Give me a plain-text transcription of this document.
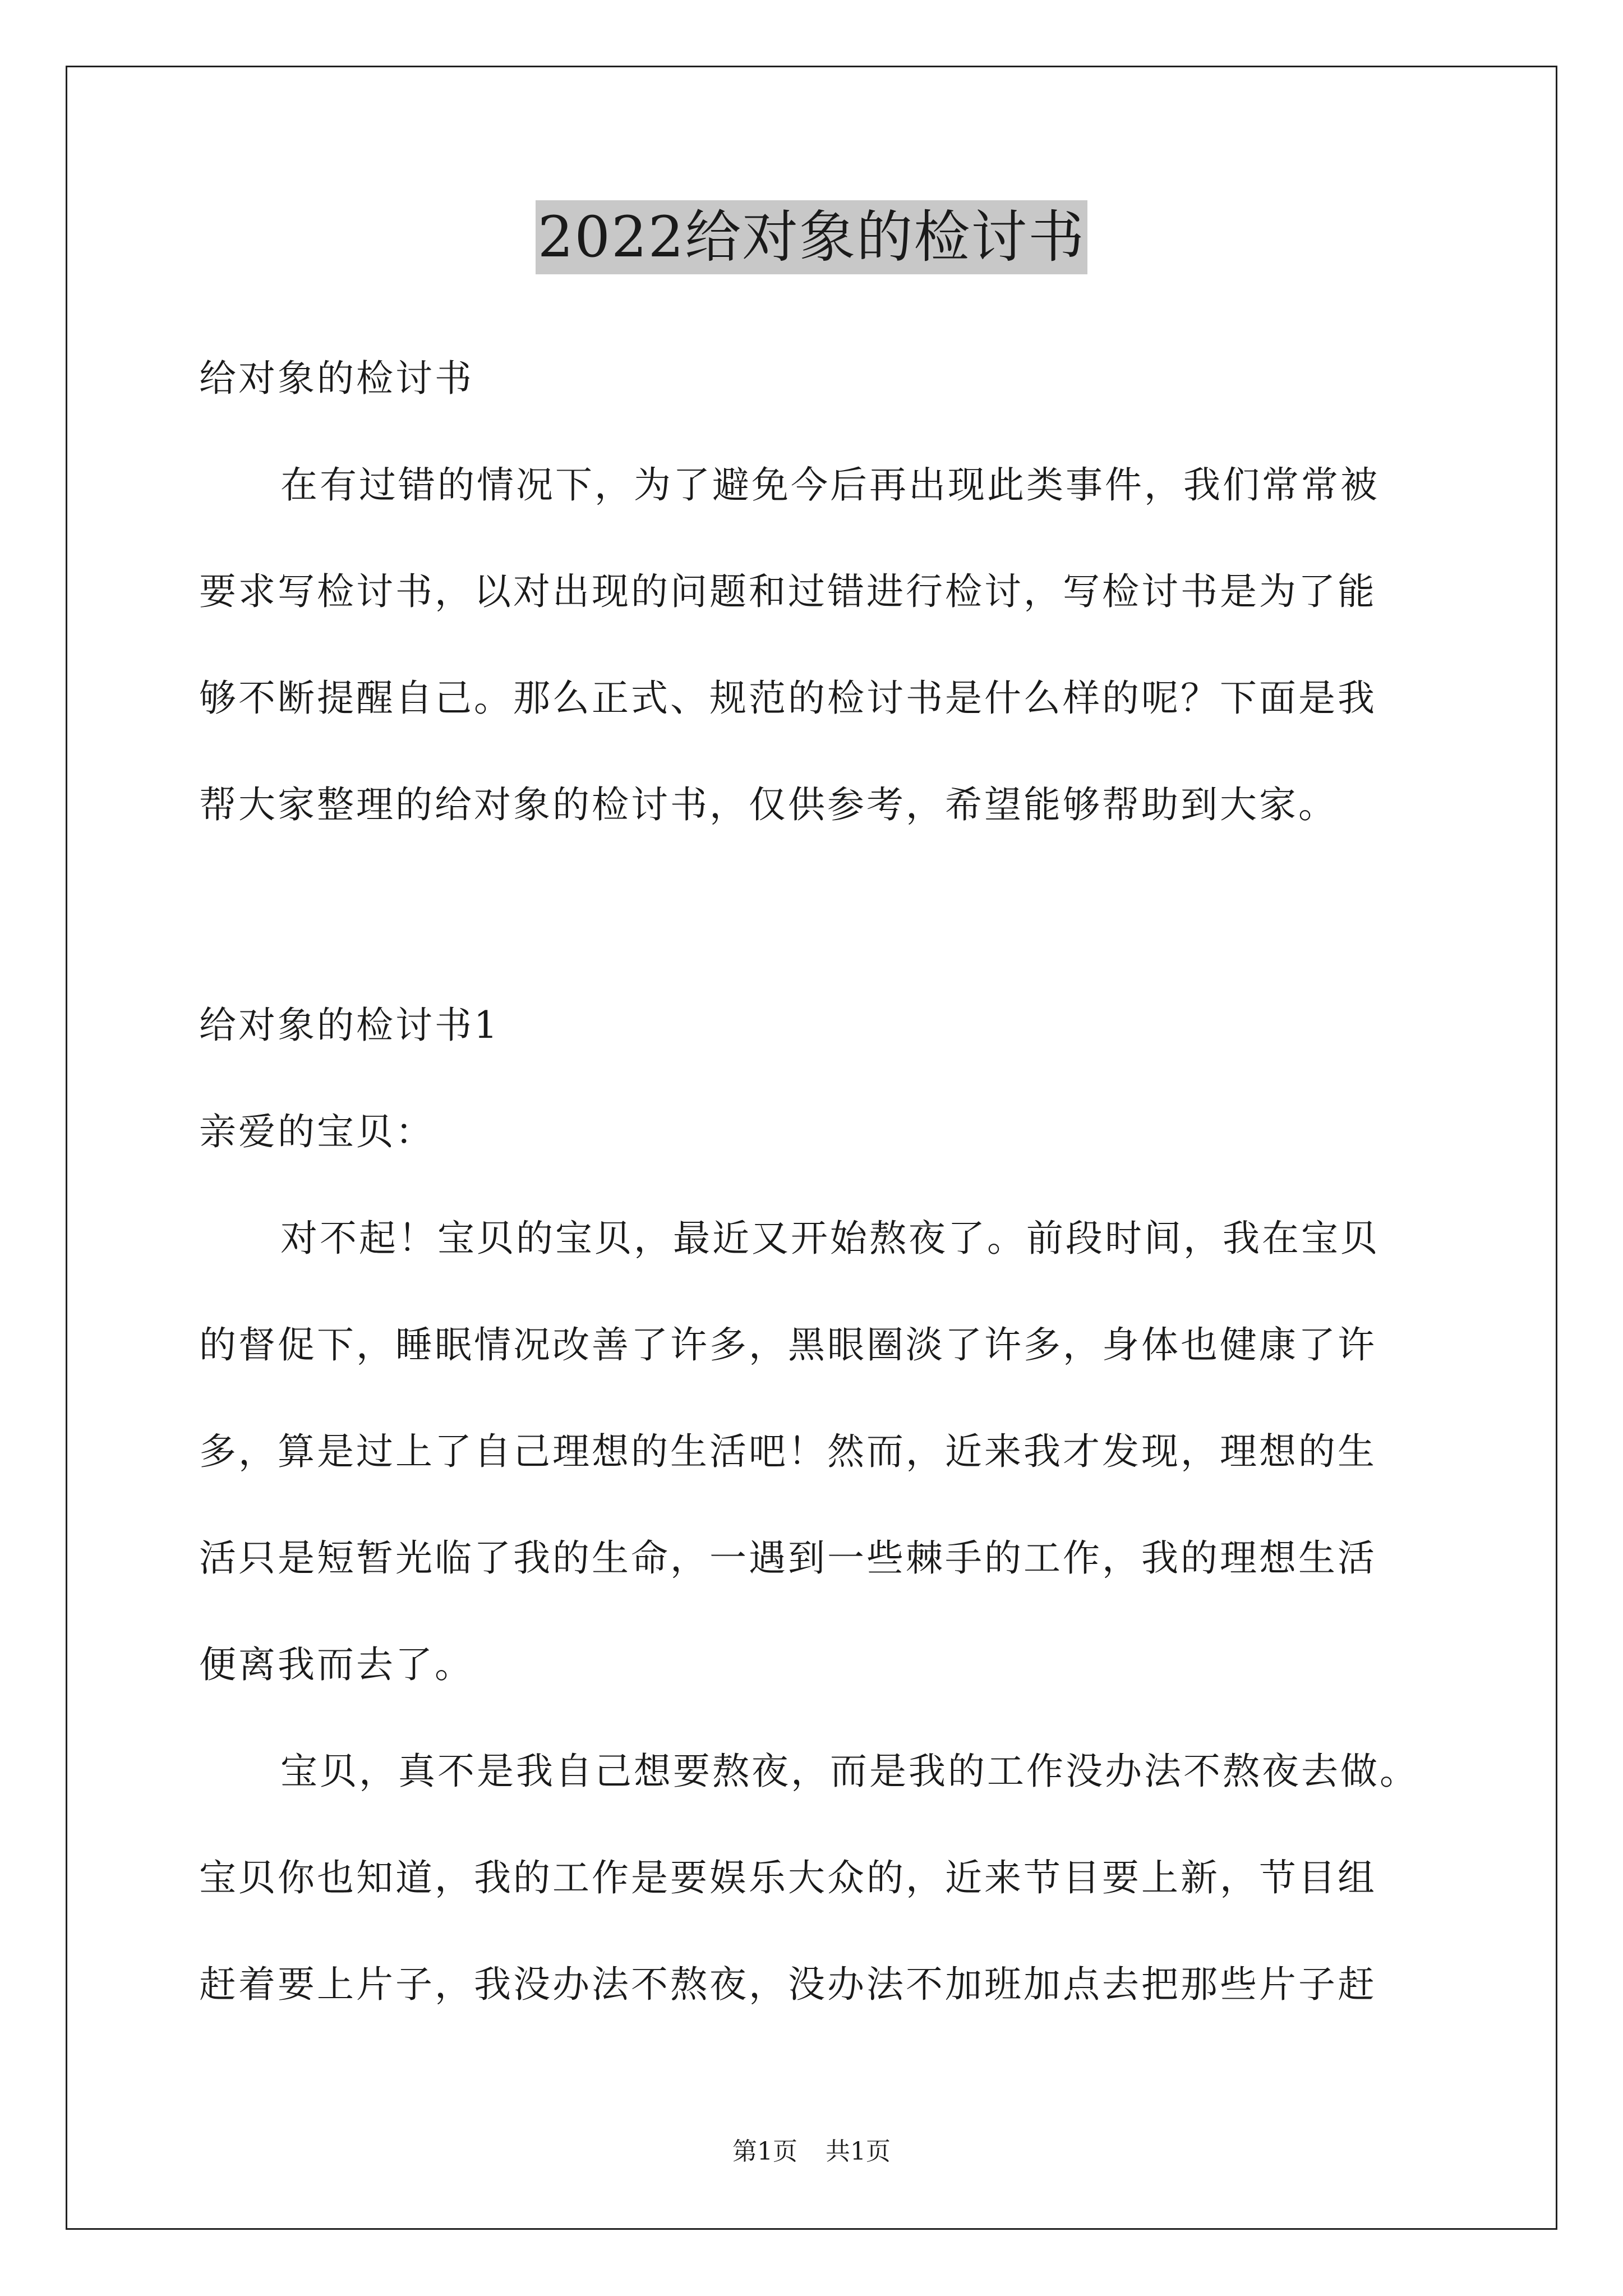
2022给对象的检讨书
给对象的检讨书
在有过错的情况下，为了避免今后再出现此类事件，我们常常被
要求写检讨书，以对出现的问题和过错进行检讨，写检讨书是为了能
够不断提醒自己。那么正式、规范的检讨书是什么样的呢？下面是我
帮大家整理的给对象的检讨书，仅供参考，希望能够帮助到大家。
给对象的检讨书1
亲爱的宝贝：
对不起！宝贝的宝贝，最近又开始熬夜了。前段时间，我在宝贝
的督促下，睡眠情况改善了许多，黑眼圈淡了许多，身体也健康了许
多，算是过上了自己理想的生活吧！然而，近来我才发现，理想的生
活只是短暂光临了我的生命，一遇到一些棘手的工作，我的理想生活
便离我而去了。
宝贝，真不是我自己想要熬夜，而是我的工作没办法不熬夜去做。
宝贝你也知道，我的工作是要娱乐大众的，近来节目要上新，节目组
赶着要上片子，我没办法不熬夜，没办法不加班加点去把那些片子赶
第1页 共1页
